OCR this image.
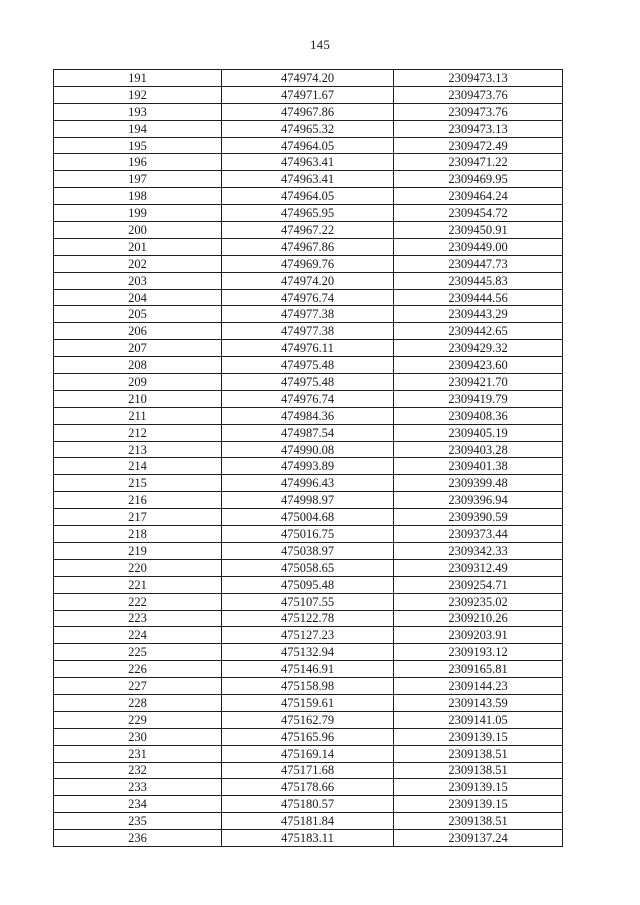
145
191	474974.20	2309473.13
192	474971.67	2309473.76
193	474967.86	2309473.76
194	474965.32	2309473.13
195	474964.05	2309472.49
196	474963.41	2309471.22
197	474963.41	2309469.95
198	474964.05	2309464.24
199	474965.95	2309454.72
200	474967.22	2309450.91
201	474967.86	2309449.00
202	474969.76	2309447.73
203	474974.20	2309445.83
204	474976.74	2309444.56
205	474977.38	2309443.29
206	474977.38	2309442.65
207	474976.11	2309429.32
208	474975.48	2309423.60
209	474975.48	2309421.70
210	474976.74	2309419.79
211	474984.36	2309408.36
212	474987.54	2309405.19
213	474990.08	2309403.28
214	474993.89	2309401.38
215	474996.43	2309399.48
216	474998.97	2309396.94
217	475004.68	2309390.59
218	475016.75	2309373.44
219	475038.97	2309342.33
220	475058.65	2309312.49
221	475095.48	2309254.71
222	475107.55	2309235.02
223	475122.78	2309210.26
224	475127.23	2309203.91
225	475132.94	2309193.12
226	475146.91	2309165.81
227	475158.98	2309144.23
228	475159.61	2309143.59
229	475162.79	2309141.05
230	475165.96	2309139.15
231	475169.14	2309138.51
232	475171.68	2309138.51
233	475178.66	2309139.15
234	475180.57	2309139.15
235	475181.84	2309138.51
236	475183.11	2309137.24
